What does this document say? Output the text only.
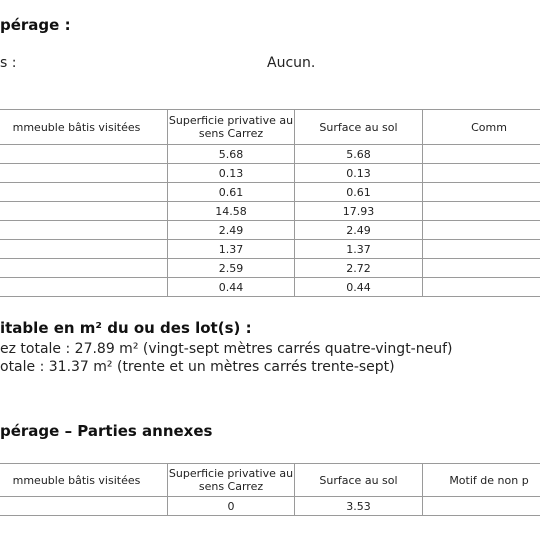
pérage :
s :	Aucun.
mmeuble bâtis visitées	Superficie privative au sens Carrez	Surface au sol	Comm
	5.68	5.68	
	0.13	0.13	
	0.61	0.61	
	14.58	17.93	
	2.49	2.49	
	1.37	1.37	
	2.59	2.72	
	0.44	0.44	
itable en m² du ou des lot(s) :
ez totale : 27.89 m² (vingt-sept mètres carrés quatre-vingt-neuf)
otale : 31.37 m² (trente et un mètres carrés trente-sept)
pérage – Parties annexes
mmeuble bâtis visitées	Superficie privative au sens Carrez	Surface au sol	Motif de non p
	0	3.53	
